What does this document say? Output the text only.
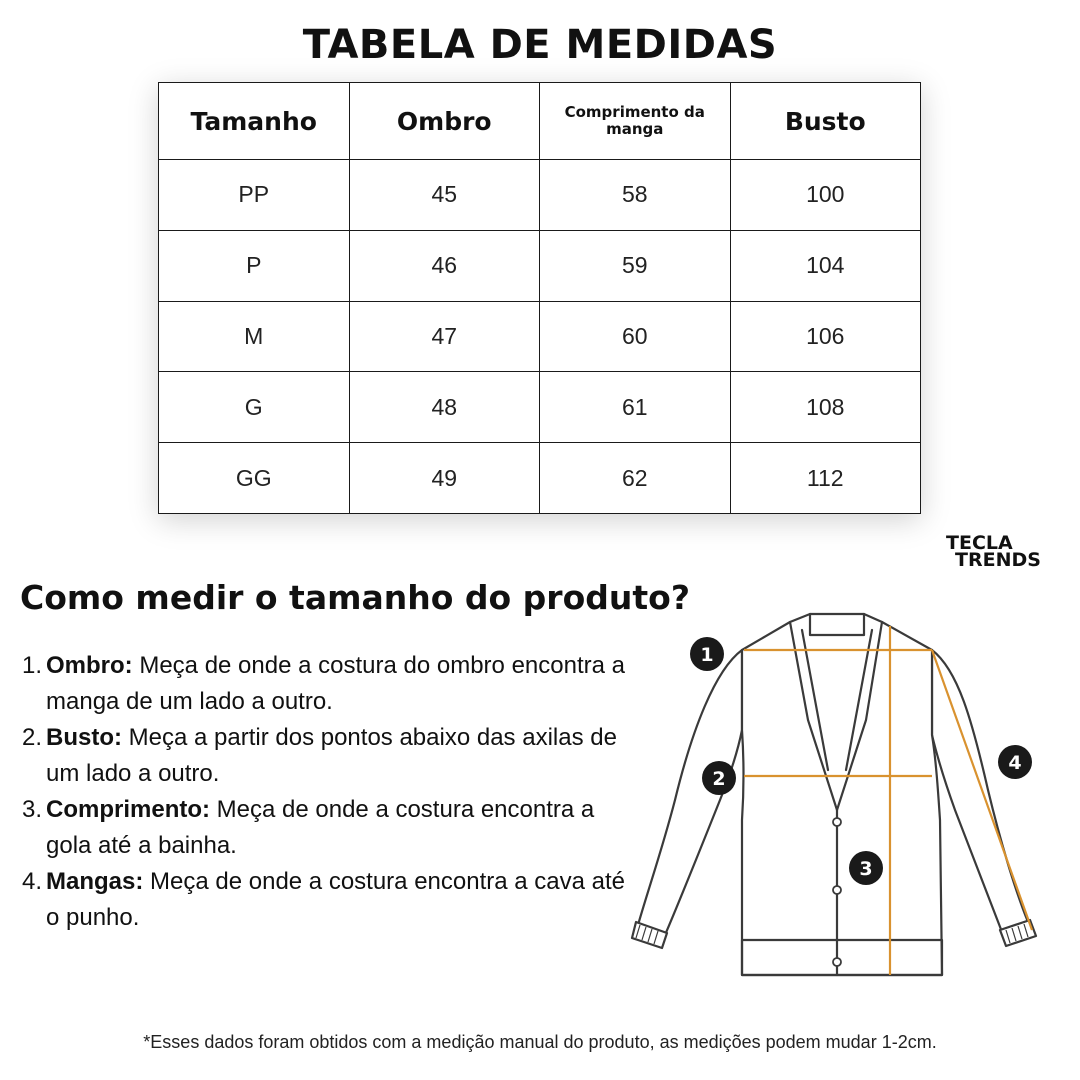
TABELA DE MEDIDAS
Tamanho	Ombro	Comprimento da manga	Busto
PP	45	58	100
P	46	59	104
M	47	60	106
G	48	61	108
GG	49	62	112
TECLA
TRENDS
Como medir o tamanho do produto?
1. Ombro: Meça de onde a costura do ombro encontra a manga de um lado a outro.
2. Busto: Meça a partir dos pontos abaixo das axilas de um lado a outro.
3. Comprimento: Meça de onde a costura encontra a gola até a bainha.
4. Mangas: Meça de onde a costura encontra a cava até o punho.
1
2
3
4
*Esses dados foram obtidos com a medição manual do produto, as medições podem mudar 1-2cm.
